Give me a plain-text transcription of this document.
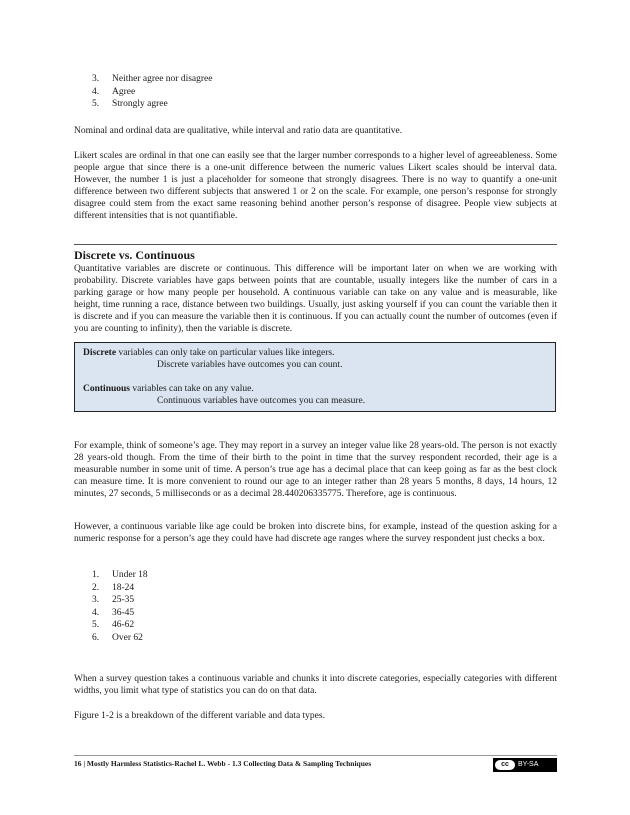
3. Neither agree nor disagree
4. Agree
5. Strongly agree
Nominal and ordinal data are qualitative, while interval and ratio data are quantitative.
Likert scales are ordinal in that one can easily see that the larger number corresponds to a higher level of agreeableness. Some people argue that since there is a one-unit difference between the numeric values Likert scales should be interval data. However, the number 1 is just a placeholder for someone that strongly disagrees. There is no way to quantify a one-unit difference between two different subjects that answered 1 or 2 on the scale. For example, one person’s response for strongly disagree could stem from the exact same reasoning behind another person’s response of disagree. People view subjects at different intensities that is not quantifiable.
Discrete vs. Continuous
Quantitative variables are discrete or continuous. This difference will be important later on when we are working with probability. Discrete variables have gaps between points that are countable, usually integers like the number of cars in a parking garage or how many people per household. A continuous variable can take on any value and is measurable, like height, time running a race, distance between two buildings. Usually, just asking yourself if you can count the variable then it is discrete and if you can measure the variable then it is continuous. If you can actually count the number of outcomes (even if you are counting to infinity), then the variable is discrete.
Discrete variables can only take on particular values like integers.
Discrete variables have outcomes you can count.
Continuous variables can take on any value.
Continuous variables have outcomes you can measure.
For example, think of someone’s age. They may report in a survey an integer value like 28 years-old. The person is not exactly 28 years-old though. From the time of their birth to the point in time that the survey respondent recorded, their age is a measurable number in some unit of time. A person’s true age has a decimal place that can keep going as far as the best clock can measure time. It is more convenient to round our age to an integer rather than 28 years 5 months, 8 days, 14 hours, 12 minutes, 27 seconds, 5 milliseconds or as a decimal 28.440206335775. Therefore, age is continuous.
However, a continuous variable like age could be broken into discrete bins, for example, instead of the question asking for a numeric response for a person’s age they could have had discrete age ranges where the survey respondent just checks a box.
1. Under 18
2. 18-24
3. 25-35
4. 36-45
5. 46-62
6. Over 62
When a survey question takes a continuous variable and chunks it into discrete categories, especially categories with different widths, you limit what type of statistics you can do on that data.
Figure 1-2 is a breakdown of the different variable and data types.
16 | Mostly Harmless Statistics-Rachel L. Webb - 1.3 Collecting Data & Sampling Techniques	cc	BY-SA
